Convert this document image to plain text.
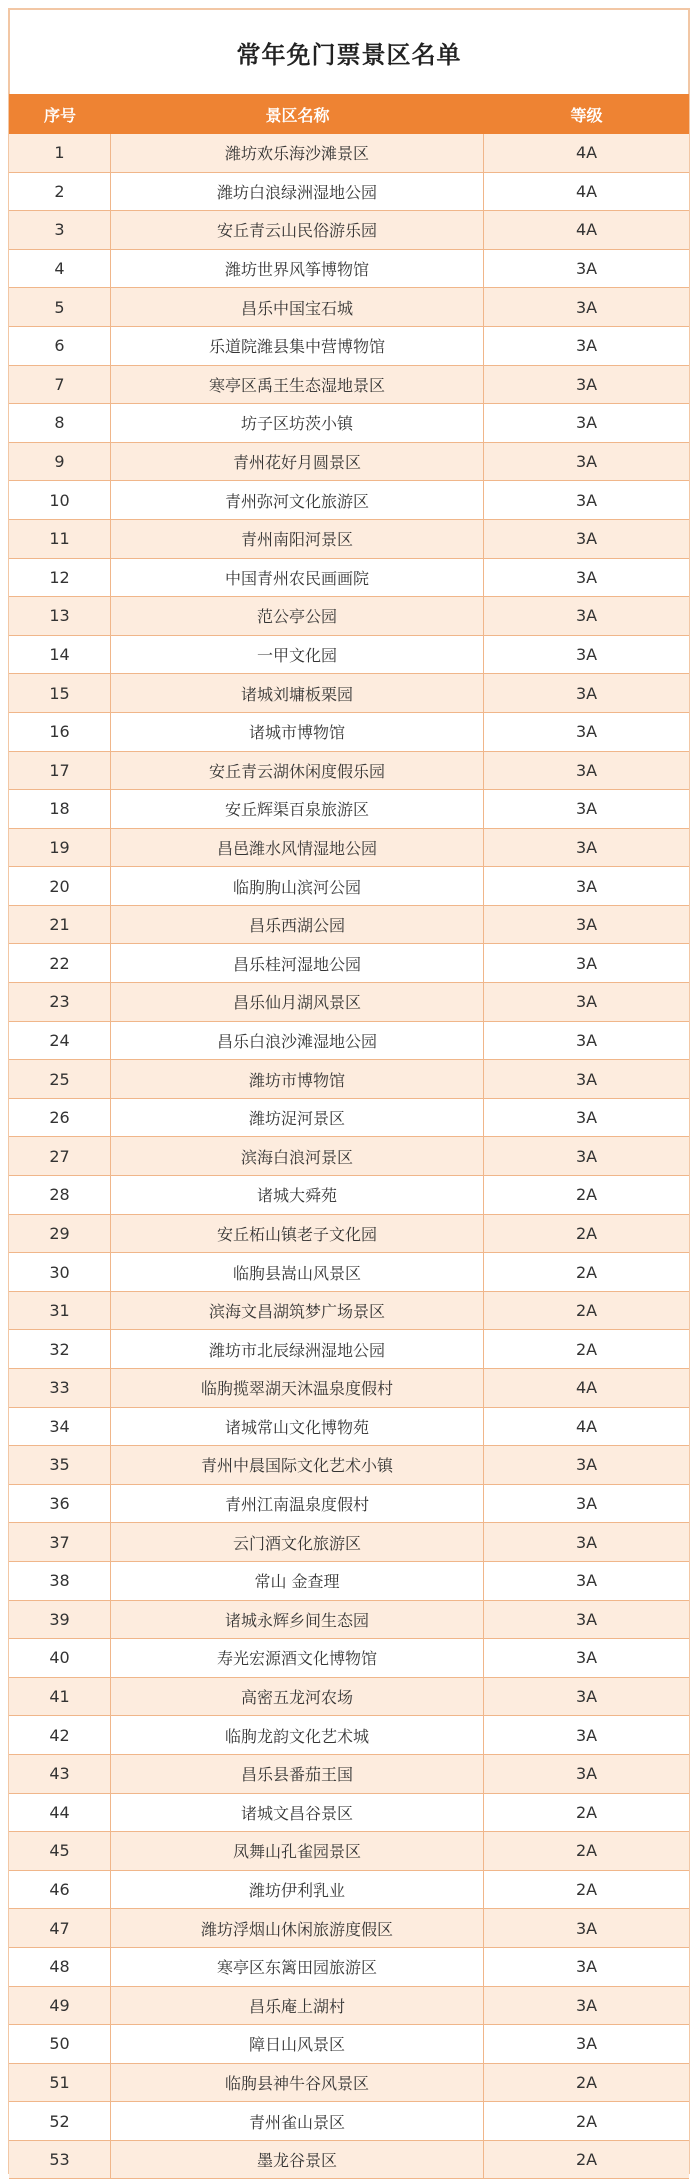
常年免门票景区名单
序号	景区名称	等级
1	潍坊欢乐海沙滩景区	4A
2	潍坊白浪绿洲湿地公园	4A
3	安丘青云山民俗游乐园	4A
4	潍坊世界风筝博物馆	3A
5	昌乐中国宝石城	3A
6	乐道院潍县集中营博物馆	3A
7	寒亭区禹王生态湿地景区	3A
8	坊子区坊茨小镇	3A
9	青州花好月圆景区	3A
10	青州弥河文化旅游区	3A
11	青州南阳河景区	3A
12	中国青州农民画画院	3A
13	范公亭公园	3A
14	一甲文化园	3A
15	诸城刘墉板栗园	3A
16	诸城市博物馆	3A
17	安丘青云湖休闲度假乐园	3A
18	安丘辉渠百泉旅游区	3A
19	昌邑潍水风情湿地公园	3A
20	临朐朐山滨河公园	3A
21	昌乐西湖公园	3A
22	昌乐桂河湿地公园	3A
23	昌乐仙月湖风景区	3A
24	昌乐白浪沙滩湿地公园	3A
25	潍坊市博物馆	3A
26	潍坊浞河景区	3A
27	滨海白浪河景区	3A
28	诸城大舜苑	2A
29	安丘柘山镇老子文化园	2A
30	临朐县嵩山风景区	2A
31	滨海文昌湖筑梦广场景区	2A
32	潍坊市北辰绿洲湿地公园	2A
33	临朐揽翠湖天沐温泉度假村	4A
34	诸城常山文化博物苑	4A
35	青州中晨国际文化艺术小镇	3A
36	青州江南温泉度假村	3A
37	云门酒文化旅游区	3A
38	常山 金查理	3A
39	诸城永辉乡间生态园	3A
40	寿光宏源酒文化博物馆	3A
41	高密五龙河农场	3A
42	临朐龙韵文化艺术城	3A
43	昌乐县番茄王国	3A
44	诸城文昌谷景区	2A
45	凤舞山孔雀园景区	2A
46	潍坊伊利乳业	2A
47	潍坊浮烟山休闲旅游度假区	3A
48	寒亭区东篱田园旅游区	3A
49	昌乐庵上湖村	3A
50	障日山风景区	3A
51	临朐县神牛谷风景区	2A
52	青州雀山景区	2A
53	墨龙谷景区	2A
